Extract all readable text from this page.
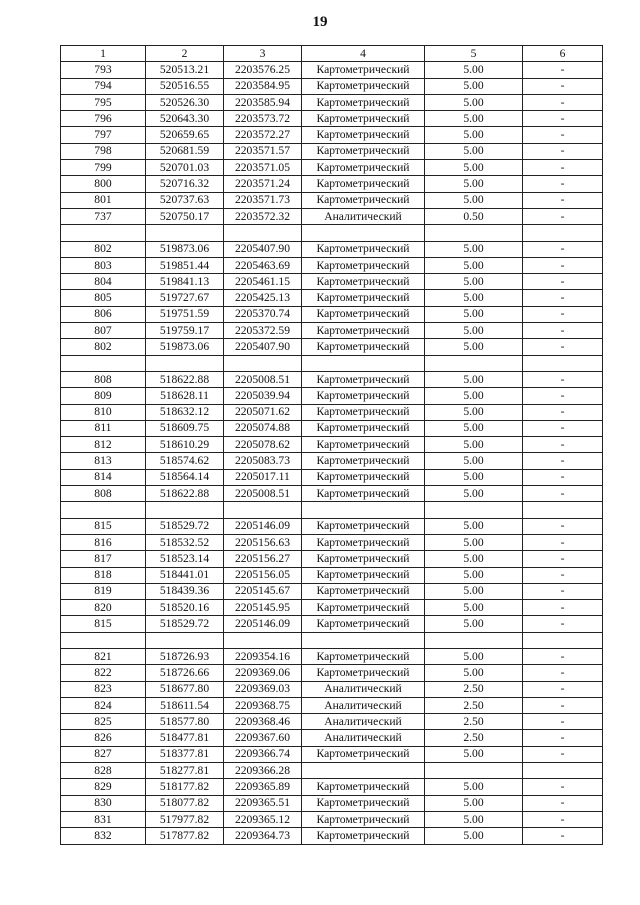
19
1	2	3	4	5	6
793	520513.21	2203576.25	Картометрический	5.00	-
794	520516.55	2203584.95	Картометрический	5.00	-
795	520526.30	2203585.94	Картометрический	5.00	-
796	520643.30	2203573.72	Картометрический	5.00	-
797	520659.65	2203572.27	Картометрический	5.00	-
798	520681.59	2203571.57	Картометрический	5.00	-
799	520701.03	2203571.05	Картометрический	5.00	-
800	520716.32	2203571.24	Картометрический	5.00	-
801	520737.63	2203571.73	Картометрический	5.00	-
737	520750.17	2203572.32	Аналитический	0.50	-

802	519873.06	2205407.90	Картометрический	5.00	-
803	519851.44	2205463.69	Картометрический	5.00	-
804	519841.13	2205461.15	Картометрический	5.00	-
805	519727.67	2205425.13	Картометрический	5.00	-
806	519751.59	2205370.74	Картометрический	5.00	-
807	519759.17	2205372.59	Картометрический	5.00	-
802	519873.06	2205407.90	Картометрический	5.00	-

808	518622.88	2205008.51	Картометрический	5.00	-
809	518628.11	2205039.94	Картометрический	5.00	-
810	518632.12	2205071.62	Картометрический	5.00	-
811	518609.75	2205074.88	Картометрический	5.00	-
812	518610.29	2205078.62	Картометрический	5.00	-
813	518574.62	2205083.73	Картометрический	5.00	-
814	518564.14	2205017.11	Картометрический	5.00	-
808	518622.88	2205008.51	Картометрический	5.00	-

815	518529.72	2205146.09	Картометрический	5.00	-
816	518532.52	2205156.63	Картометрический	5.00	-
817	518523.14	2205156.27	Картометрический	5.00	-
818	518441.01	2205156.05	Картометрический	5.00	-
819	518439.36	2205145.67	Картометрический	5.00	-
820	518520.16	2205145.95	Картометрический	5.00	-
815	518529.72	2205146.09	Картометрический	5.00	-

821	518726.93	2209354.16	Картометрический	5.00	-
822	518726.66	2209369.06	Картометрический	5.00	-
823	518677.80	2209369.03	Аналитический	2.50	-
824	518611.54	2209368.75	Аналитический	2.50	-
825	518577.80	2209368.46	Аналитический	2.50	-
826	518477.81	2209367.60	Аналитический	2.50	-
827	518377.81	2209366.74	Картометрический	5.00	-
828	518277.81	2209366.28			
829	518177.82	2209365.89	Картометрический	5.00	-
830	518077.82	2209365.51	Картометрический	5.00	-
831	517977.82	2209365.12	Картометрический	5.00	-
832	517877.82	2209364.73	Картометрический	5.00	-
